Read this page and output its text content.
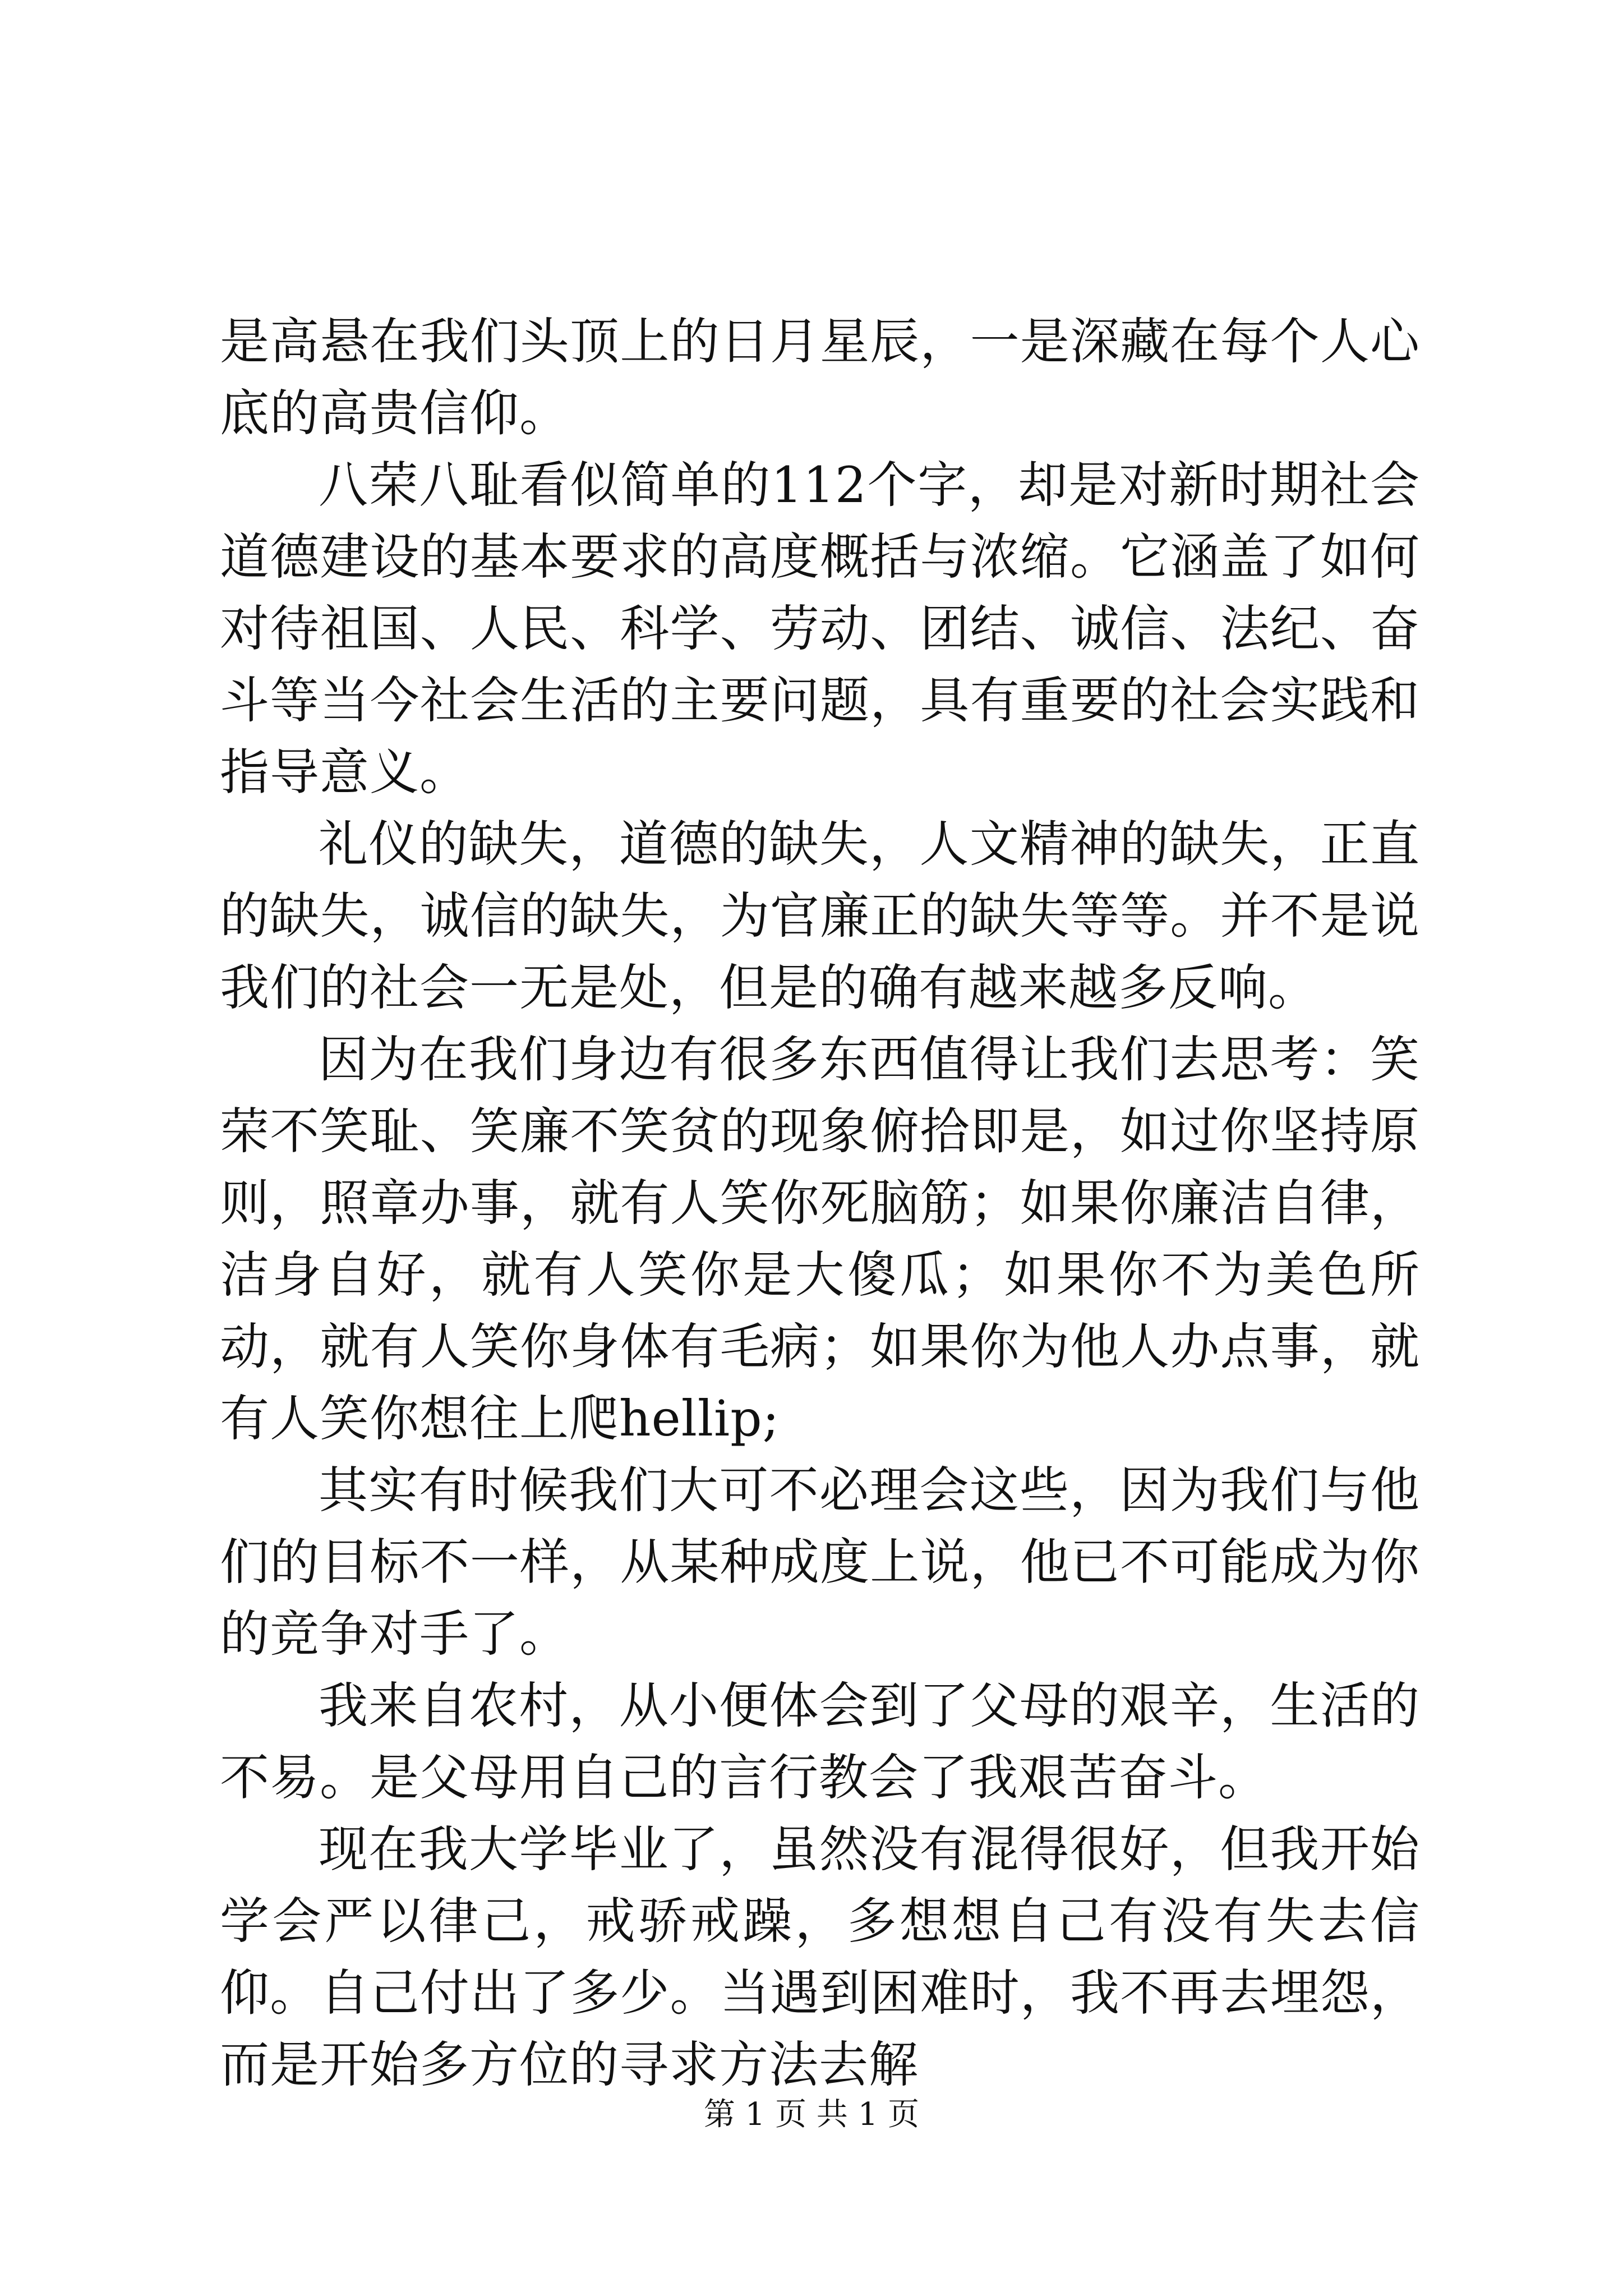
是高悬在我们头顶上的日月星辰，一是深藏在每个人心底的高贵信仰。

八荣八耻看似简单的112个字，却是对新时期社会道德建设的基本要求的高度概括与浓缩。它涵盖了如何对待祖国、人民、科学、劳动、团结、诚信、法纪、奋斗等当今社会生活的主要问题，具有重要的社会实践和指导意义。

礼仪的缺失，道德的缺失，人文精神的缺失，正直的缺失，诚信的缺失，为官廉正的缺失等等。并不是说我们的社会一无是处，但是的确有越来越多反响。

因为在我们身边有很多东西值得让我们去思考：笑荣不笑耻、笑廉不笑贫的现象俯拾即是，如过你坚持原则，照章办事，就有人笑你死脑筋；如果你廉洁自律，洁身自好，就有人笑你是大傻瓜；如果你不为美色所动，就有人笑你身体有毛病；如果你为他人办点事，就有人笑你想往上爬hellip;

其实有时候我们大可不必理会这些，因为我们与他们的目标不一样，从某种成度上说，他已不可能成为你的竞争对手了。

我来自农村，从小便体会到了父母的艰辛，生活的不易。是父母用自己的言行教会了我艰苦奋斗。

现在我大学毕业了，虽然没有混得很好，但我开始学会严以律己，戒骄戒躁，多想想自己有没有失去信仰。自己付出了多少。当遇到困难时，我不再去埋怨，而是开始多方位的寻求方法去解

第 1 页 共 1 页
